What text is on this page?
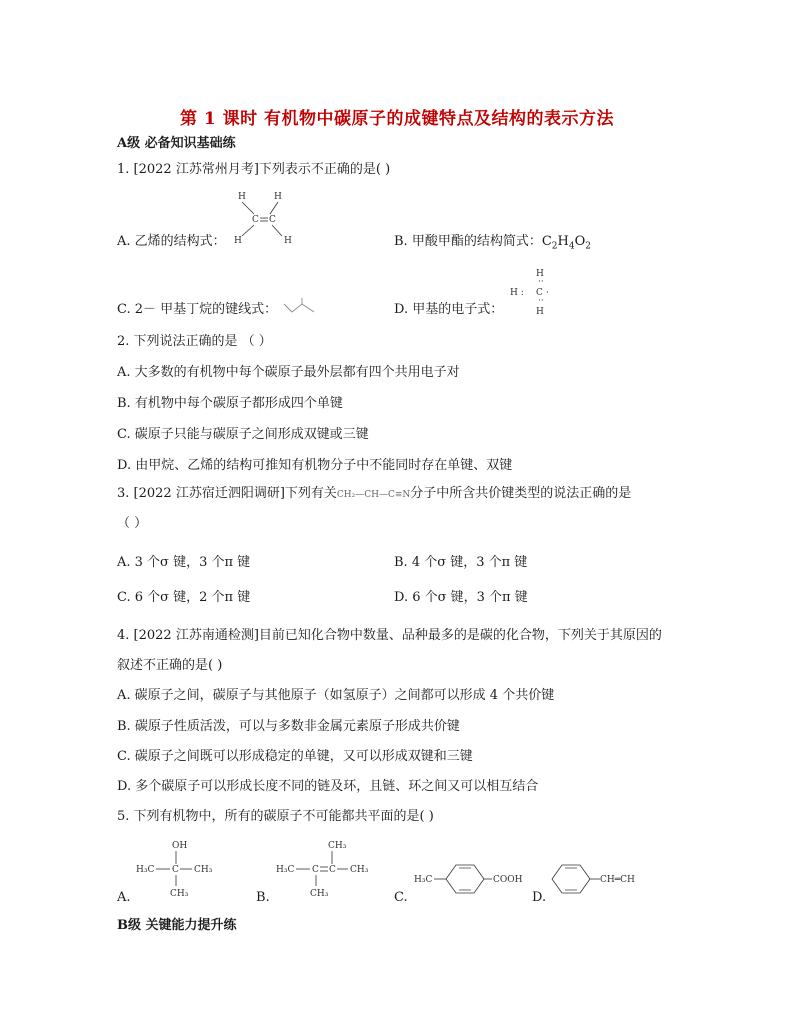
第 1 课时 有机物中碳原子的成键特点及结构的表示方法
A级 必备知识基础练
1. [2022 江苏常州月考]下列表示不正确的是( )
H	H
C C
H	H
A. 乙烯的结构式：	B. 甲酸甲酯的结构简式：$C_2H_4O_2$
C. 2－ 甲基丁烷的键线式：	D. 甲基的电子式：
H
··
H : C ·
··
H
2. 下列说法正确的是 （ ）
A. 大多数的有机物中每个碳原子最外层都有四个共用电子对
B. 有机物中每个碳原子都形成四个单键
C. 碳原子只能与碳原子之间形成双键或三键
D. 由甲烷、乙烯的结构可推知有机物分子中不能同时存在单键、双键
3. [2022 江苏宿迁泗阳调研]下列有关CH₂—CH—C≡N分子中所含共价键类型的说法正确的是
（ ）
A. 3 个σ 键，3 个π 键	B. 4 个σ 键，3 个π 键
C. 6 个σ 键，2 个π 键	D. 6 个σ 键，3 个π 键
4. [2022 江苏南通检测]目前已知化合物中数量、品种最多的是碳的化合物，下列关于其原因的
叙述不正确的是( )
A. 碳原子之间，碳原子与其他原子（如氢原子）之间都可以形成 4 个共价键
B. 碳原子性质活泼，可以与多数非金属元素原子形成共价键
C. 碳原子之间既可以形成稳定的单键，又可以形成双键和三键
D. 多个碳原子可以形成长度不同的链及环，且链、环之间又可以相互结合
5. 下列有机物中，所有的碳原子不可能都共平面的是( )
OH
H₃C C CH₃
CH₃
A.
CH₃
H₃C C C CH₃
CH₃
B.
H₃C	COOH
C.
CH═CH
D.
B级 关键能力提升练
